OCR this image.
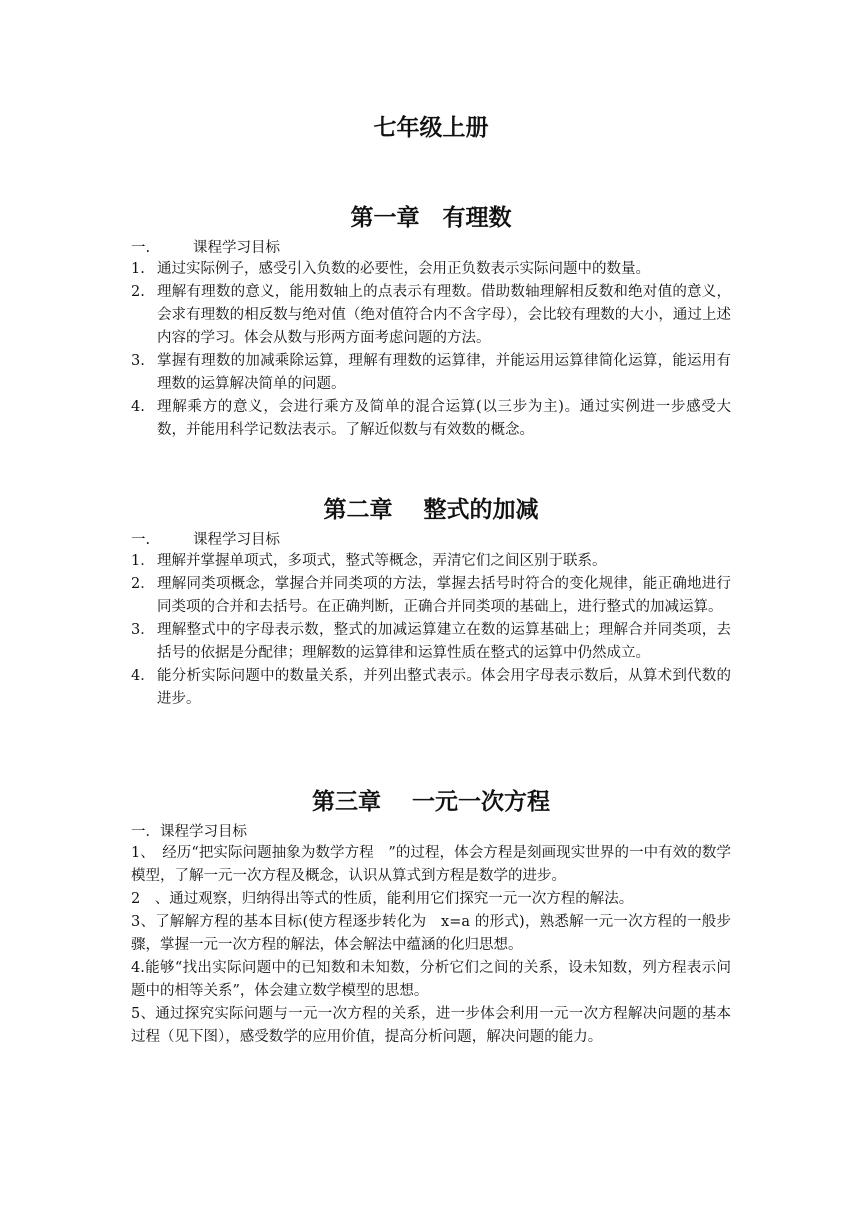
七年级上册
第一章　有理数
一.	课程学习目标
1. 通过实际例子，感受引入负数的必要性，会用正负数表示实际问题中的数量。
2. 理解有理数的意义，能用数轴上的点表示有理数。借助数轴理解相反数和绝对值的意义，会求有理数的相反数与绝对值（绝对值符合内不含字母），会比较有理数的大小，通过上述内容的学习。体会从数与形两方面考虑问题的方法。
3. 掌握有理数的加减乘除运算，理解有理数的运算律，并能运用运算律简化运算，能运用有理数的运算解决简单的问题。
4. 理解乘方的意义，会进行乘方及简单的混合运算(以三步为主)。通过实例进一步感受大数，并能用科学记数法表示。了解近似数与有效数的概念。
第二章　 整式的加减
一.	课程学习目标
1． 理解并掌握单项式，多项式，整式等概念，弄清它们之间区别于联系。
2． 理解同类项概念，掌握合并同类项的方法，掌握去括号时符合的变化规律，能正确地进行同类项的合并和去括号。在正确判断，正确合并同类项的基础上，进行整式的加减运算。
3． 理解整式中的字母表示数，整式的加减运算建立在数的运算基础上；理解合并同类项，去括号的依据是分配律；理解数的运算律和运算性质在整式的运算中仍然成立。
4． 能分析实际问题中的数量关系，并列出整式表示。体会用字母表示数后，从算术到代数的进步。
第三章　 一元一次方程
一．课程学习目标

1、　经历“把实际问题抽象为数学方程　”的过程，体会方程是刻画现实世界的一中有效的数学模型，了解一元一次方程及概念，认识从算式到方程是数学的进步。

2　、通过观察，归纳得出等式的性质，能利用它们探究一元一次方程的解法。

3、了解解方程的基本目标(使方程逐步转化为　x=a 的形式)，熟悉解一元一次方程的一般步骤，掌握一元一次方程的解法，体会解法中蕴涵的化归思想。

4.能够“找出实际问题中的已知数和未知数，分析它们之间的关系，设未知数，列方程表示问题中的相等关系”，体会建立数学模型的思想。

5、通过探究实际问题与一元一次方程的关系，进一步体会利用一元一次方程解决问题的基本过程（见下图），感受数学的应用价值，提高分析问题，解决问题的能力。
